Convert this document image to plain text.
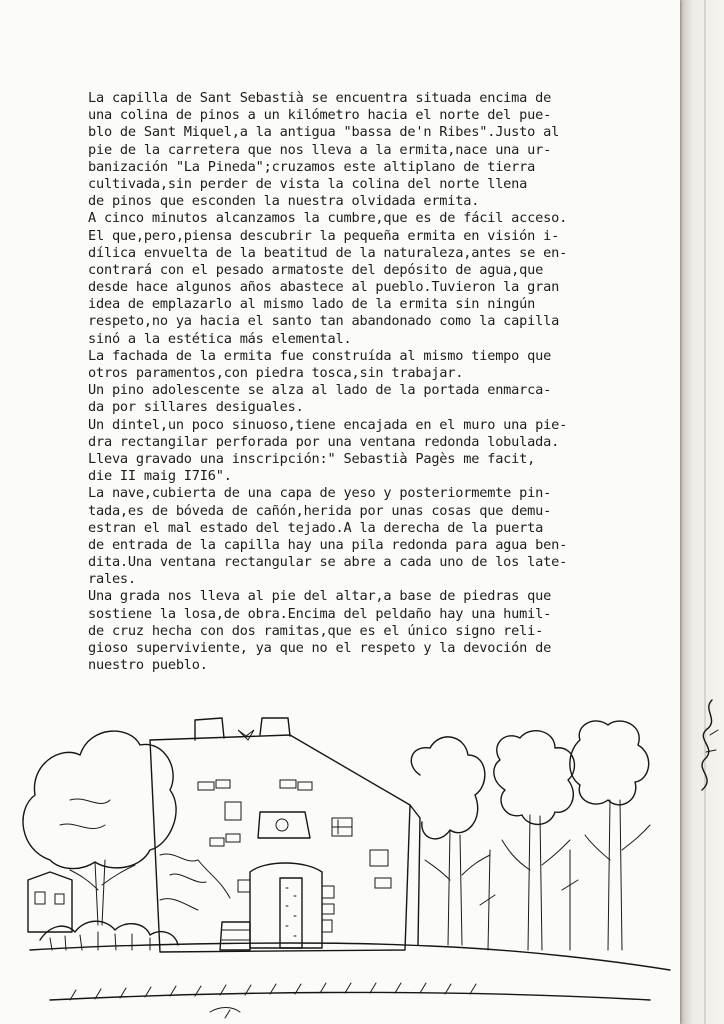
La capilla de Sant Sebastià se encuentra situada encima de
una colina de pinos a un kilómetro hacia el norte del pue-
blo de Sant Miquel,a la antigua "bassa de'n Ribes".Justo al
pie de la carretera que nos lleva a la ermita,nace una ur-
banización "La Pineda";cruzamos este altiplano de tierra
cultivada,sin perder de vista la colina del norte llena
de pinos que esconden la nuestra olvidada ermita.
A cinco minutos alcanzamos la cumbre,que es de fácil acceso.
El que,pero,piensa descubrir la pequeña ermita en visión i-
dílica envuelta de la beatitud de la naturaleza,antes se en-
contrará con el pesado armatoste del depósito de agua,que
desde hace algunos años abastece al pueblo.Tuvieron la gran
idea de emplazarlo al mismo lado de la ermita sin ningún
respeto,no ya hacia el santo tan abandonado como la capilla
sinó a la estética más elemental.
La fachada de la ermita fue construída al mismo tiempo que
otros paramentos,con piedra tosca,sin trabajar.
Un pino adolescente se alza al lado de la portada enmarca-
da por sillares desiguales.
Un dintel,un poco sinuoso,tiene encajada en el muro una pie-
dra rectangilar perforada por una ventana redonda lobulada.
Lleva gravado una inscripción:" Sebastià Pagès me facit,
die II maig I7I6".
La nave,cubierta de una capa de yeso y posteriormemte pin-
tada,es de bóveda de cañón,herida por unas cosas que demu-
estran el mal estado del tejado.A la derecha de la puerta
de entrada de la capilla hay una pila redonda para agua ben-
dita.Una ventana rectangular se abre a cada uno de los late-
rales.
Una grada nos lleva al pie del altar,a base de piedras que
sostiene la losa,de obra.Encima del peldaño hay una humil-
de cruz hecha con dos ramitas,que es el único signo reli-
gioso superviviente, ya que no el respeto y la devoción de
nuestro pueblo.
